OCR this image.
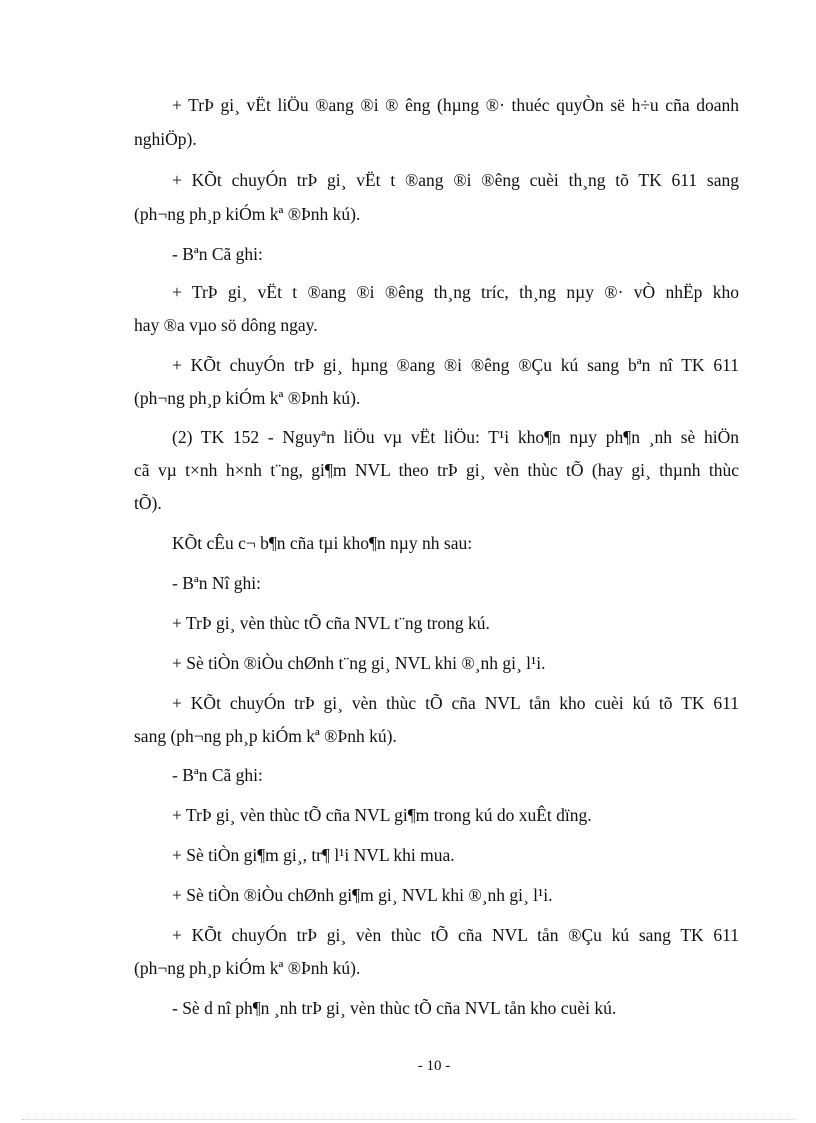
+ TrÞ gi¸ vËt liÖu ®ang ®i ® êng (hµng ®· thuéc quyÒn së h÷u cña doanh
nghiÖp).
+ KÕt chuyÓn trÞ gi¸ vËt t ®ang ®i ®êng cuèi th¸ng tõ TK 611 sang
(ph¬ng ph¸p kiÓm kª ®Þnh kú).
- Bªn Cã ghi:
+ TrÞ gi¸ vËt t ®ang ®i ®êng th¸ng tríc, th¸ng nµy ®· vÒ nhËp kho
hay ®a vµo sö dông ngay.
+ KÕt chuyÓn trÞ gi¸ hµng ®ang ®i ®êng ®Çu kú sang bªn nî TK 611
(ph¬ng ph¸p kiÓm kª ®Þnh kú).
(2) TK 152 - Nguyªn liÖu vµ vËt liÖu: T¹i kho¶n nµy ph¶n ¸nh sè hiÖn
cã vµ t×nh h×nh t¨ng, gi¶m NVL theo trÞ gi¸ vèn thùc tÕ (hay gi¸ thµnh thùc
tÕ).
KÕt cÊu c¬ b¶n cña tµi kho¶n nµy nh sau:
- Bªn Nî ghi:
+ TrÞ gi¸ vèn thùc tÕ cña NVL t¨ng trong kú.
+ Sè tiÒn ®iÒu chØnh t¨ng gi¸ NVL khi ®¸nh gi¸ l¹i.
+ KÕt chuyÓn trÞ gi¸ vèn thùc tÕ cña NVL tån kho cuèi kú tõ TK 611
sang (ph¬ng ph¸p kiÓm kª ®Þnh kú).
- Bªn Cã ghi:
+ TrÞ gi¸ vèn thùc tÕ cña NVL gi¶m trong kú do xuÊt dïng.
+ Sè tiÒn gi¶m gi¸, tr¶ l¹i NVL khi mua.
+ Sè tiÒn ®iÒu chØnh gi¶m gi¸ NVL khi ®¸nh gi¸ l¹i.
+ KÕt chuyÓn trÞ gi¸ vèn thùc tÕ cña NVL tån ®Çu kú sang TK 611
(ph¬ng ph¸p kiÓm kª ®Þnh kú).
- Sè d nî ph¶n ¸nh trÞ gi¸ vèn thùc tÕ cña NVL tån kho cuèi kú.
- 10 -
